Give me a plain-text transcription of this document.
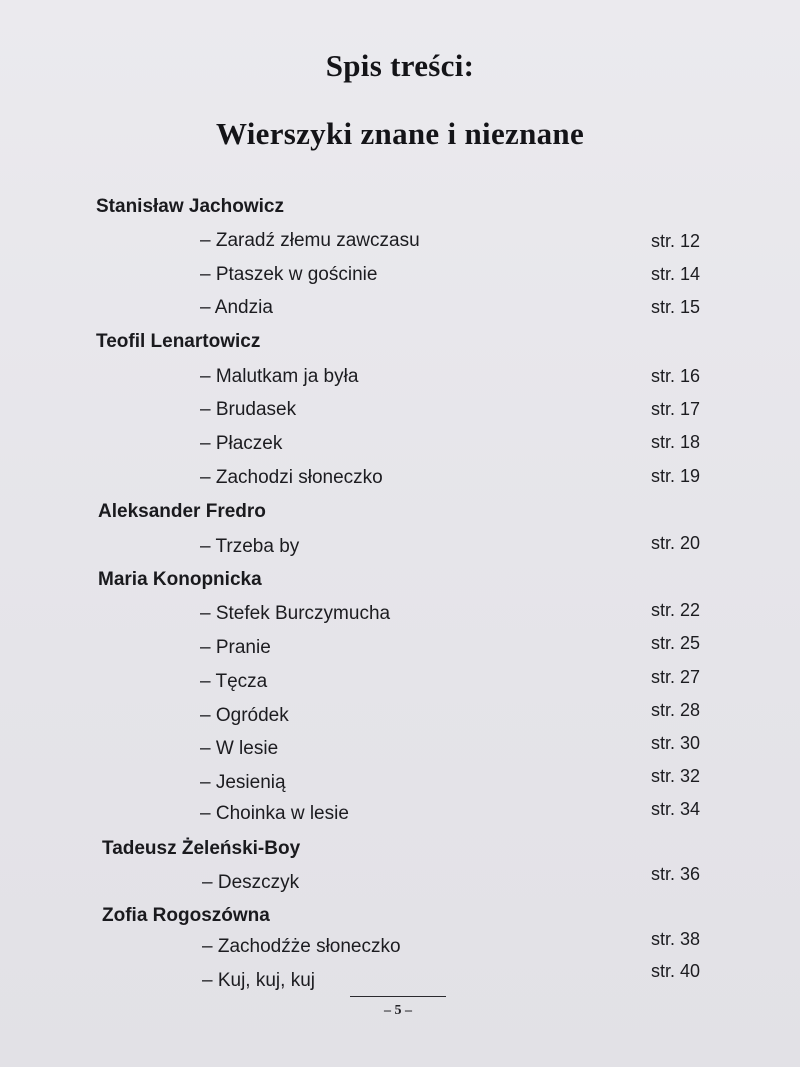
Spis treści:
Wierszyki znane i nieznane
Stanisław Jachowicz
– Zaradź złemu zawczasu	str. 12
– Ptaszek w gościnie	str. 14
– Andzia	str. 15
Teofil Lenartowicz
– Malutkam ja była	str. 16
– Brudasek	str. 17
– Płaczek	str. 18
– Zachodzi słoneczko	str. 19
Aleksander Fredro
– Trzeba by	str. 20
Maria Konopnicka
– Stefek Burczymucha	str. 22
– Pranie	str. 25
– Tęcza	str. 27
– Ogródek	str. 28
– W lesie	str. 30
– Jesienią	str. 32
– Choinka w lesie	str. 34
Tadeusz Żeleński-Boy
– Deszczyk	str. 36
Zofia Rogoszówna
– Zachodźże słoneczko	str. 38
– Kuj, kuj, kuj	str. 40
– 5 –
